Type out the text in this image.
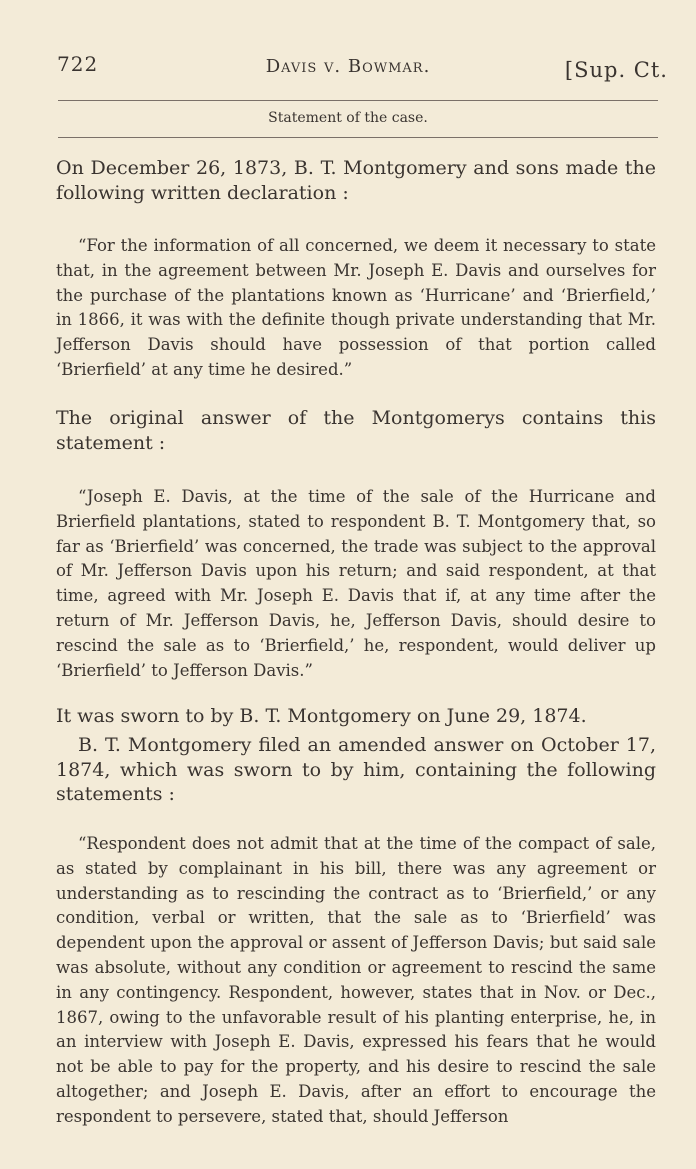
722	Davis v. Bowmar.	[Sup. Ct.
Statement of the case.

On December 26, 1873, B. T. Montgomery and sons made the following written declaration :

“For the information of all concerned, we deem it necessary to state that, in the agreement between Mr. Joseph E. Davis and ourselves for the purchase of the plantations known as ‘Hurricane’ and ‘Brierfield,’ in 1866, it was with the definite though private understanding that Mr. Jefferson Davis should have possession of that portion called ‘Brierfield’ at any time he desired.”

The original answer of the Montgomerys contains this statement :

“Joseph E. Davis, at the time of the sale of the Hurricane and Brierfield plantations, stated to respondent B. T. Montgomery that, so far as ‘Brierfield’ was concerned, the trade was subject to the approval of Mr. Jefferson Davis upon his return; and said respondent, at that time, agreed with Mr. Joseph E. Davis that if, at any time after the return of Mr. Jefferson Davis, he, Jefferson Davis, should desire to rescind the sale as to ‘Brierfield,’ he, respondent, would deliver up ‘Brierfield’ to Jefferson Davis.”

It was sworn to by B. T. Montgomery on June 29, 1874.

B. T. Montgomery filed an amended answer on October 17, 1874, which was sworn to by him, containing the following statements :

“Respondent does not admit that at the time of the compact of sale, as stated by complainant in his bill, there was any agreement or understanding as to rescinding the contract as to ‘Brierfield,’ or any condition, verbal or written, that the sale as to ‘Brierfield’ was dependent upon the approval or assent of Jefferson Davis; but said sale was absolute, without any condition or agreement to rescind the same in any contingency. Respondent, however, states that in Nov. or Dec., 1867, owing to the unfavorable result of his planting enterprise, he, in an interview with Joseph E. Davis, expressed his fears that he would not be able to pay for the property, and his desire to rescind the sale altogether; and Joseph E. Davis, after an effort to encourage the respondent to persevere, stated that, should Jefferson
